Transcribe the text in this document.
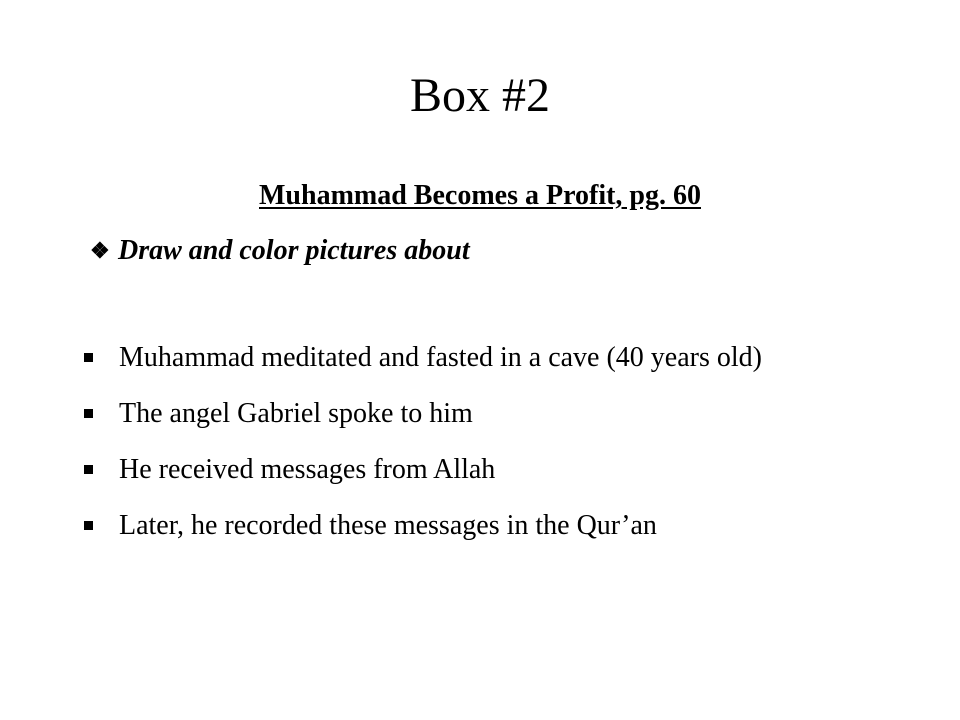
Box #2
Muhammad Becomes a Profit, pg. 60
❖ Draw and color pictures about
Muhammad meditated and fasted in a cave (40 years old)
The angel Gabriel spoke to him
He received messages from Allah
Later, he recorded these messages in the Qur’an
